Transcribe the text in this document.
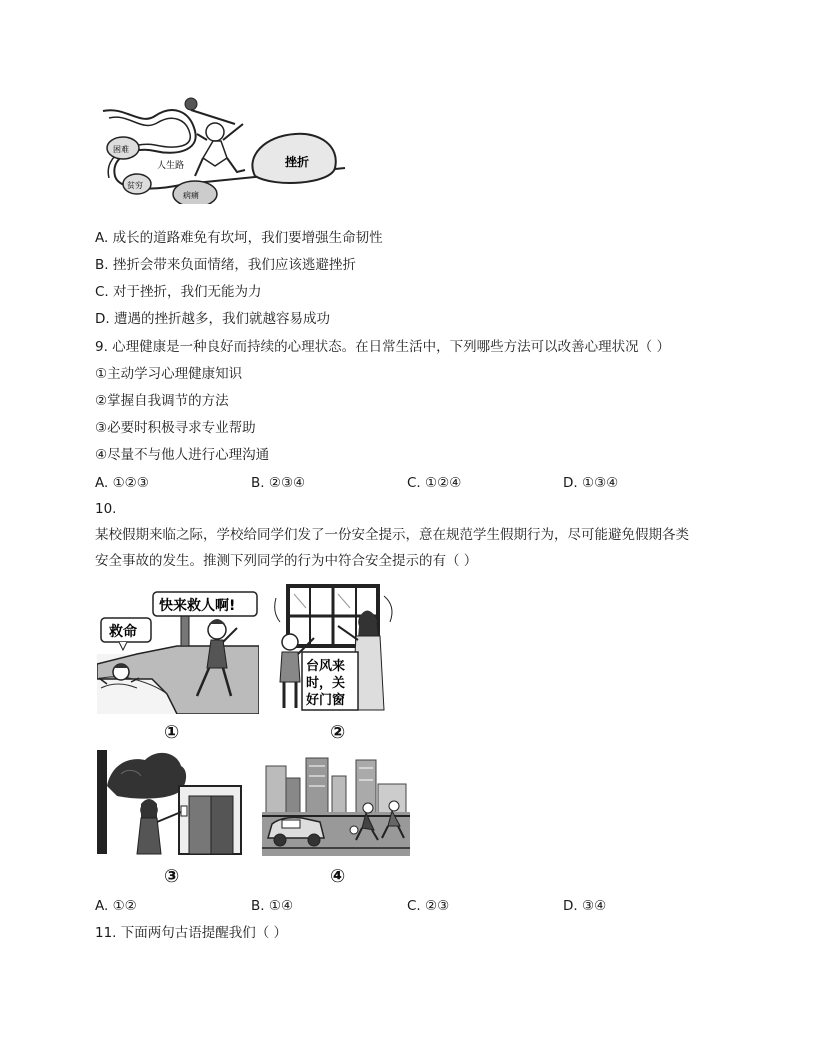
困难
贫穷
病痛
人生路	挫折
A. 成长的道路难免有坎坷，我们要增强生命韧性
B. 挫折会带来负面情绪，我们应该逃避挫折
C. 对于挫折，我们无能为力
D. 遭遇的挫折越多，我们就越容易成功
9. 心理健康是一种良好而持续的心理状态。在日常生活中，下列哪些方法可以改善心理状况（ ）
①主动学习心理健康知识
②掌握自我调节的方法
③必要时积极寻求专业帮助
④尽量不与他人进行心理沟通
A. ①②③	B. ②③④	C. ①②④	D. ①③④
10.
某校假期来临之际，学校给同学们发了一份安全提示，意在规范学生假期行为，尽可能避免假期各类
安全事故的发生。推测下列同学的行为中符合安全提示的有（ ）
快来救人啊!
救命
①
台风来
时，关
好门窗
②
③	④
A. ①②	B. ①④	C. ②③	D. ③④
11. 下面两句古语提醒我们（ ）
